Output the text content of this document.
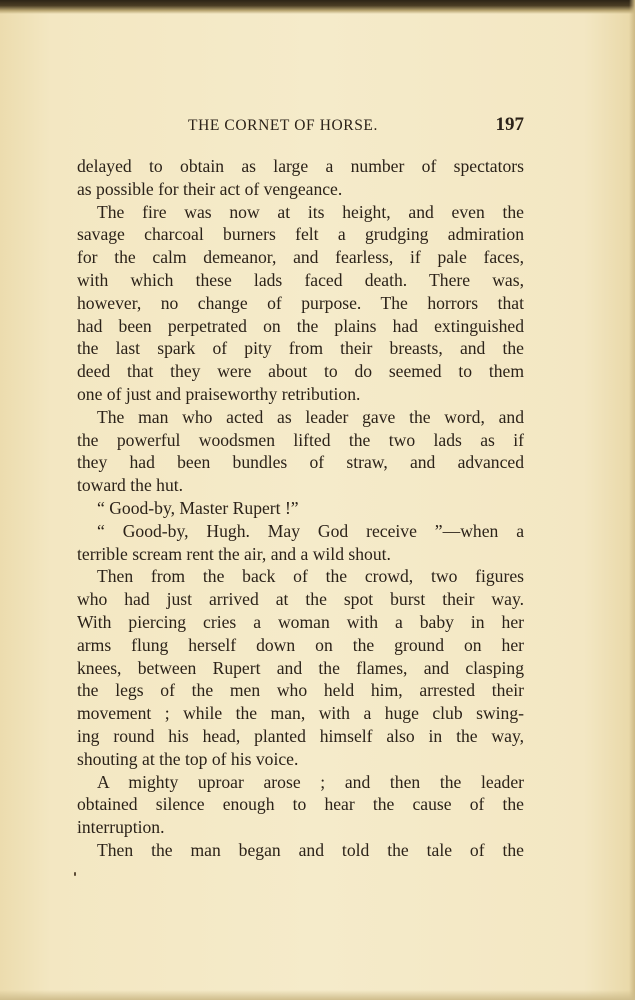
THE CORNET OF HORSE.	197
delayed to obtain as large a number of spectators
as possible for their act of vengeance.
The fire was now at its height, and even the
savage charcoal burners felt a grudging admiration
for the calm demeanor, and fearless, if pale faces,
with which these lads faced death. There was,
however, no change of purpose. The horrors that
had been perpetrated on the plains had extinguished
the last spark of pity from their breasts, and the
deed that they were about to do seemed to them
one of just and praiseworthy retribution.
The man who acted as leader gave the word, and
the powerful woodsmen lifted the two lads as if
they had been bundles of straw, and advanced
toward the hut.
“ Good-by, Master Rupert !”
“ Good-by, Hugh. May God receive ”—when a
terrible scream rent the air, and a wild shout.
Then from the back of the crowd, two figures
who had just arrived at the spot burst their way.
With piercing cries a woman with a baby in her
arms flung herself down on the ground on her
knees, between Rupert and the flames, and clasping
the legs of the men who held him, arrested their
movement ; while the man, with a huge club swing-
ing round his head, planted himself also in the way,
shouting at the top of his voice.
A mighty uproar arose ; and then the leader
obtained silence enough to hear the cause of the
interruption.
Then the man began and told the tale of the
